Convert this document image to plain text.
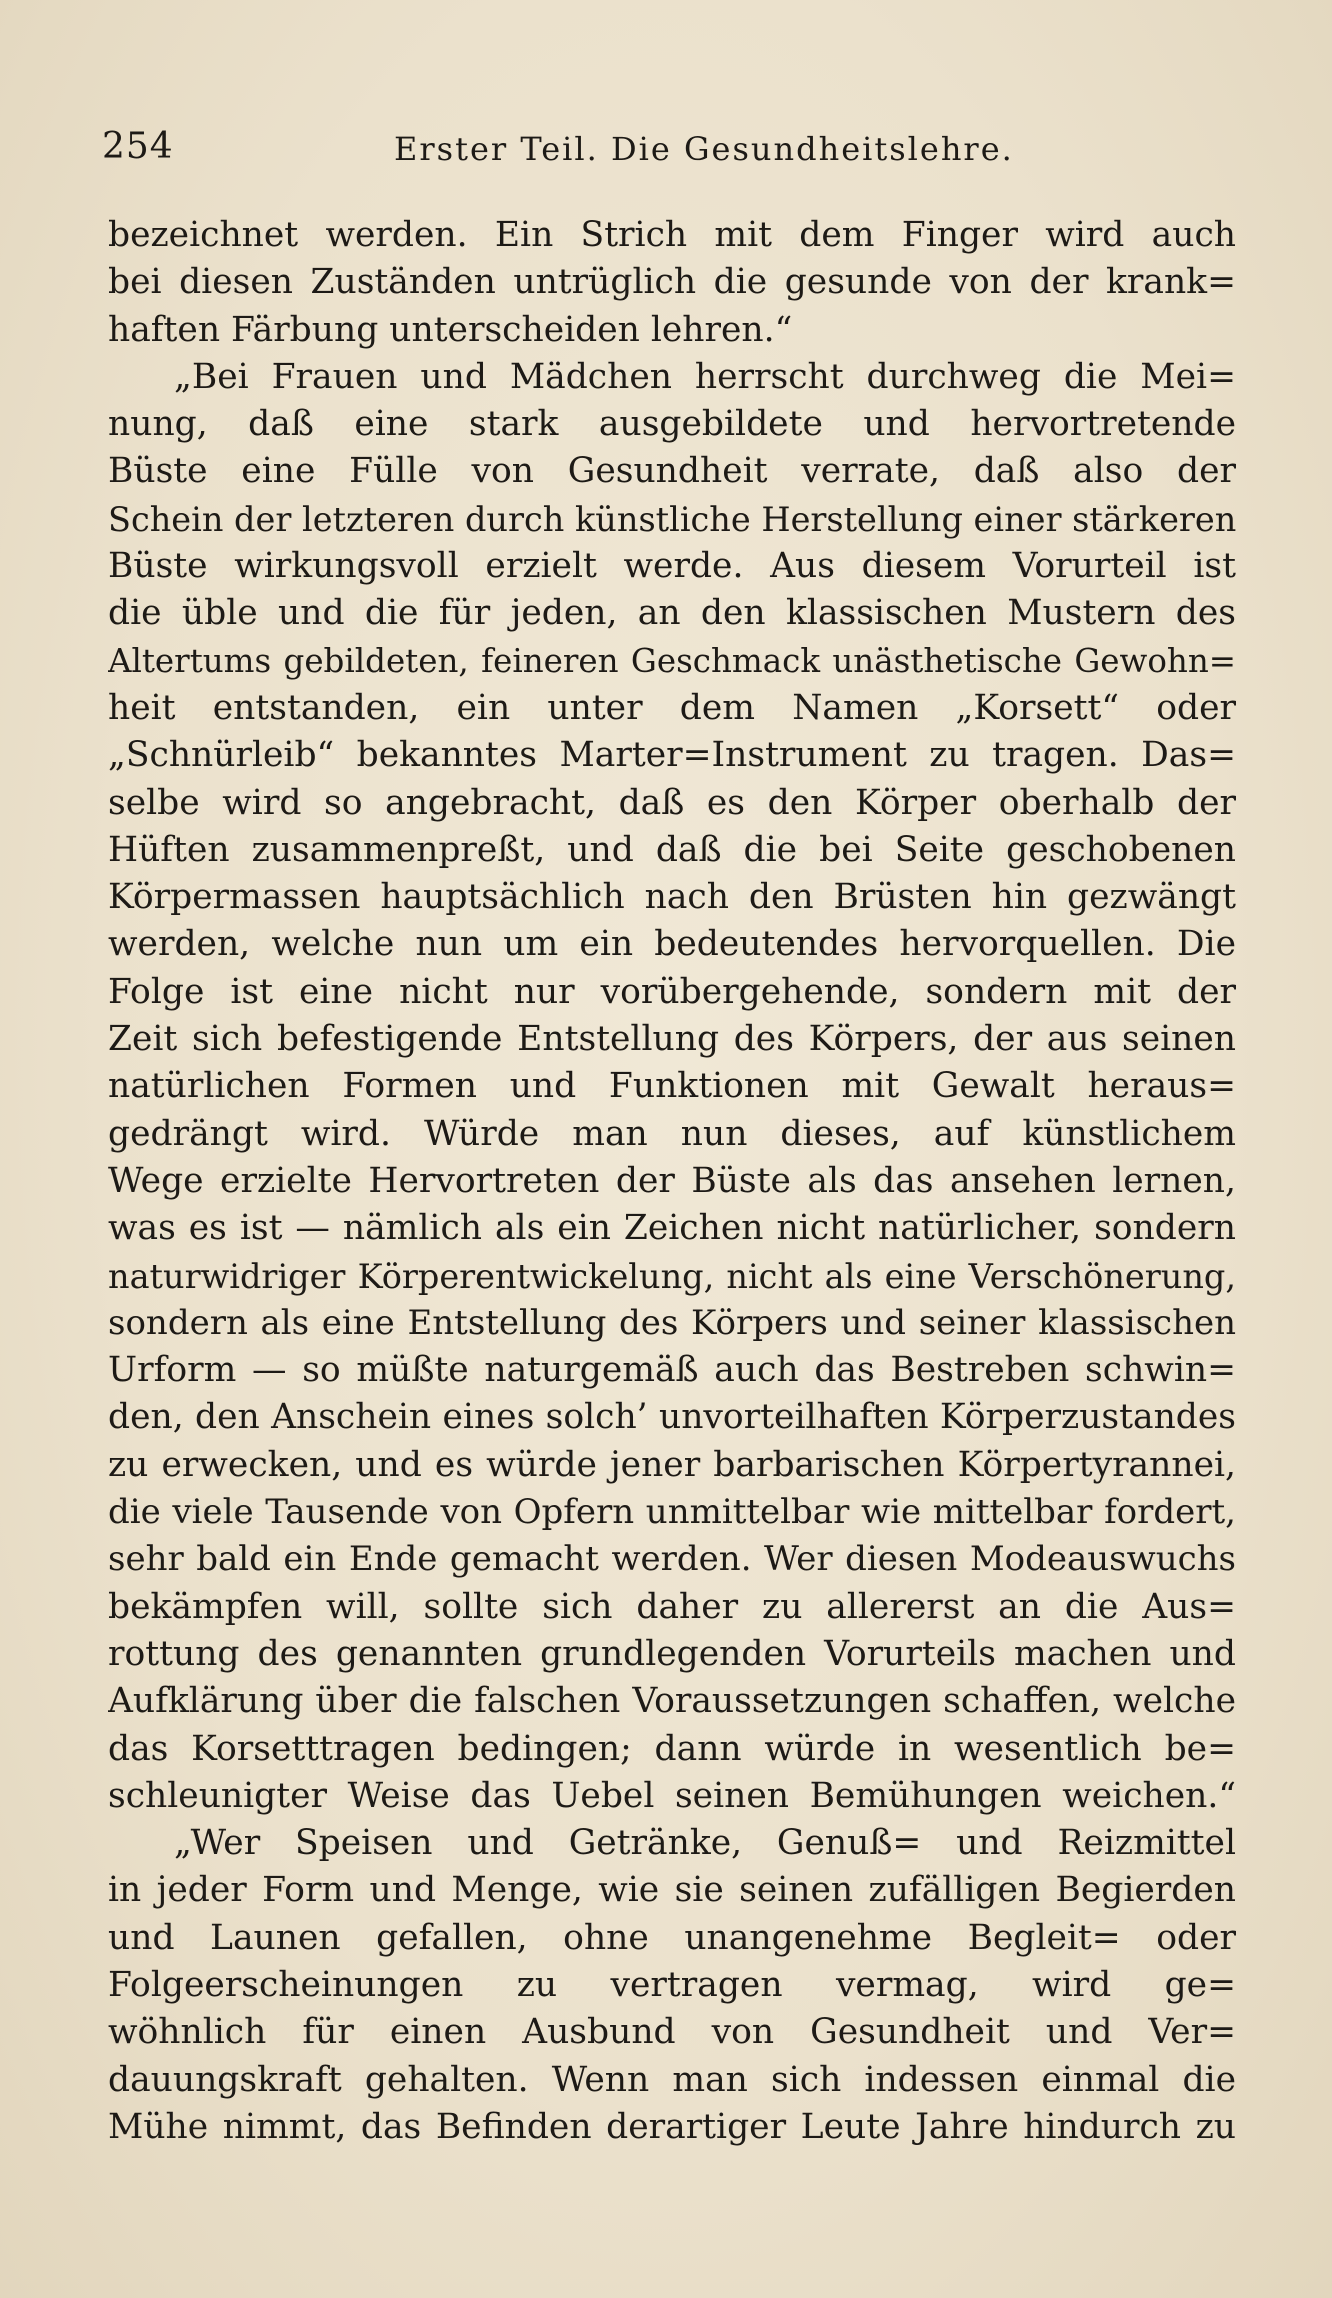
254	Erster Teil. Die Gesundheitslehre.
bezeichnet werden. Ein Strich mit dem Finger wird auch
bei diesen Zuständen untrüglich die gesunde von der krank=
haften Färbung unterscheiden lehren.“
„Bei Frauen und Mädchen herrscht durchweg die Mei=
nung, daß eine stark ausgebildete und hervortretende
Büste eine Fülle von Gesundheit verrate, daß also der
Schein der letzteren durch künstliche Herstellung einer stärkeren
Büste wirkungsvoll erzielt werde. Aus diesem Vorurteil ist
die üble und die für jeden, an den klassischen Mustern des
Altertums gebildeten, feineren Geschmack unästhetische Gewohn=
heit entstanden, ein unter dem Namen „Korsett“ oder
„Schnürleib“ bekanntes Marter=Instrument zu tragen. Das=
selbe wird so angebracht, daß es den Körper oberhalb der
Hüften zusammenpreßt, und daß die bei Seite geschobenen
Körpermassen hauptsächlich nach den Brüsten hin gezwängt
werden, welche nun um ein bedeutendes hervorquellen. Die
Folge ist eine nicht nur vorübergehende, sondern mit der
Zeit sich befestigende Entstellung des Körpers, der aus seinen
natürlichen Formen und Funktionen mit Gewalt heraus=
gedrängt wird. Würde man nun dieses, auf künstlichem
Wege erzielte Hervortreten der Büste als das ansehen lernen,
was es ist — nämlich als ein Zeichen nicht natürlicher, sondern
naturwidriger Körperentwickelung, nicht als eine Verschönerung,
sondern als eine Entstellung des Körpers und seiner klassischen
Urform — so müßte naturgemäß auch das Bestreben schwin=
den, den Anschein eines solch’ unvorteilhaften Körperzustandes
zu erwecken, und es würde jener barbarischen Körpertyrannei,
die viele Tausende von Opfern unmittelbar wie mittelbar fordert,
sehr bald ein Ende gemacht werden. Wer diesen Modeauswuchs
bekämpfen will, sollte sich daher zu allererst an die Aus=
rottung des genannten grundlegenden Vorurteils machen und
Aufklärung über die falschen Voraussetzungen schaffen, welche
das Korsetttragen bedingen; dann würde in wesentlich be=
schleunigter Weise das Uebel seinen Bemühungen weichen.“
„Wer Speisen und Getränke, Genuß= und Reizmittel
in jeder Form und Menge, wie sie seinen zufälligen Begierden
und Launen gefallen, ohne unangenehme Begleit= oder
Folgeerscheinungen zu vertragen vermag, wird ge=
wöhnlich für einen Ausbund von Gesundheit und Ver=
dauungskraft gehalten. Wenn man sich indessen einmal die
Mühe nimmt, das Befinden derartiger Leute Jahre hindurch zu
